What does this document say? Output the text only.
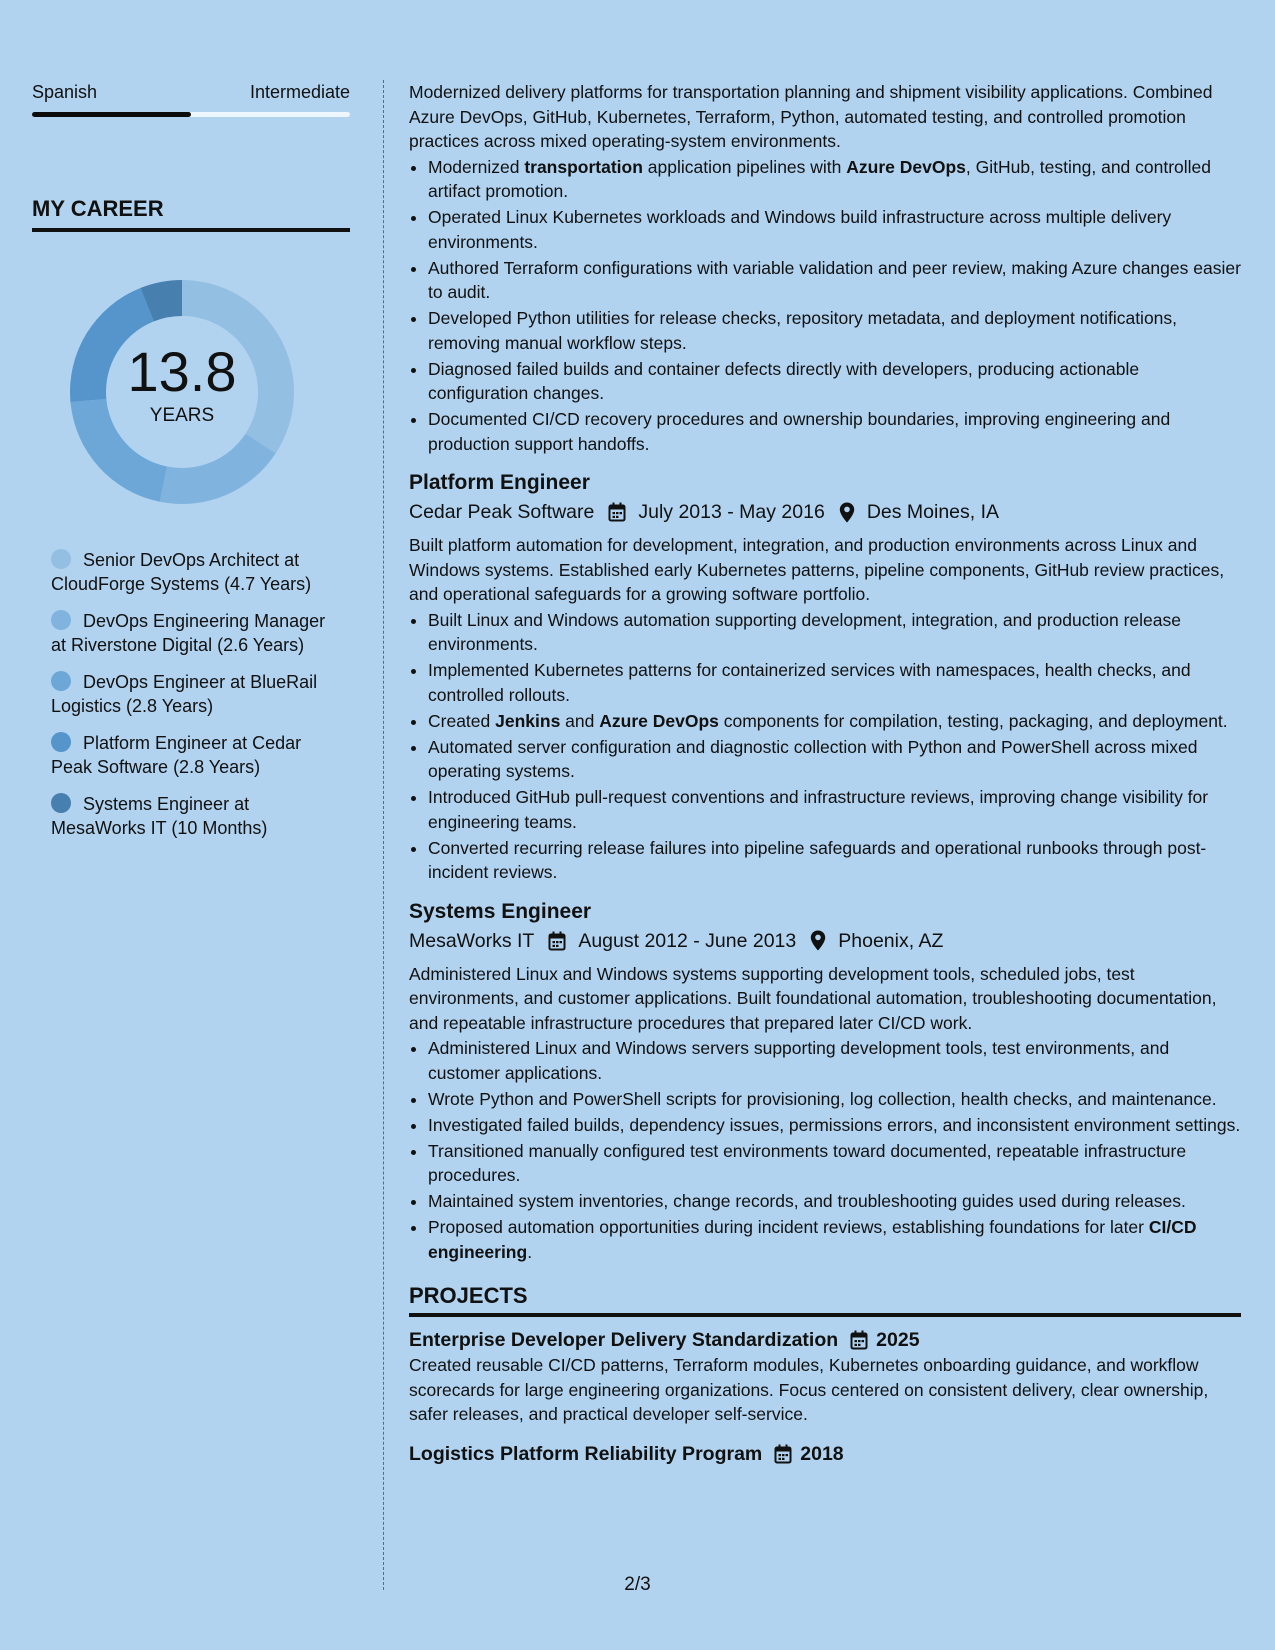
Spanish	Intermediate
MY CAREER
13.8
YEARS
Senior DevOps Architect at CloudForge Systems (4.7 Years)
DevOps Engineering Manager at Riverstone Digital (2.6 Years)
DevOps Engineer at BlueRail Logistics (2.8 Years)
Platform Engineer at Cedar Peak Software (2.8 Years)
Systems Engineer at MesaWorks IT (10 Months)

Modernized delivery platforms for transportation planning and shipment visibility applications. Combined Azure DevOps, GitHub, Kubernetes, Terraform, Python, automated testing, and controlled promotion practices across mixed operating-system environments.

• Modernized transportation application pipelines with Azure DevOps, GitHub, testing, and controlled artifact promotion.
• Operated Linux Kubernetes workloads and Windows build infrastructure across multiple delivery environments.
• Authored Terraform configurations with variable validation and peer review, making Azure changes easier to audit.
• Developed Python utilities for release checks, repository metadata, and deployment notifications, removing manual workflow steps.
• Diagnosed failed builds and container defects directly with developers, producing actionable configuration changes.
• Documented CI/CD recovery procedures and ownership boundaries, improving engineering and production support handoffs.
Platform Engineer
Cedar Peak Software July 2013 - May 2016 Des Moines, IA

Built platform automation for development, integration, and production environments across Linux and Windows systems. Established early Kubernetes patterns, pipeline components, GitHub review practices, and operational safeguards for a growing software portfolio.

• Built Linux and Windows automation supporting development, integration, and production release environments.
• Implemented Kubernetes patterns for containerized services with namespaces, health checks, and controlled rollouts.
• Created Jenkins and Azure DevOps components for compilation, testing, packaging, and deployment.
• Automated server configuration and diagnostic collection with Python and PowerShell across mixed operating systems.
• Introduced GitHub pull-request conventions and infrastructure reviews, improving change visibility for engineering teams.
• Converted recurring release failures into pipeline safeguards and operational runbooks through post-incident reviews.
Systems Engineer
MesaWorks IT August 2012 - June 2013 Phoenix, AZ

Administered Linux and Windows systems supporting development tools, scheduled jobs, test environments, and customer applications. Built foundational automation, troubleshooting documentation, and repeatable infrastructure procedures that prepared later CI/CD work.

• Administered Linux and Windows servers supporting development tools, test environments, and customer applications.
• Wrote Python and PowerShell scripts for provisioning, log collection, health checks, and maintenance.
• Investigated failed builds, dependency issues, permissions errors, and inconsistent environment settings.
• Transitioned manually configured test environments toward documented, repeatable infrastructure procedures.
• Maintained system inventories, change records, and troubleshooting guides used during releases.
• Proposed automation opportunities during incident reviews, establishing foundations for later CI/CD engineering.
PROJECTS
Enterprise Developer Delivery Standardization 2025

Created reusable CI/CD patterns, Terraform modules, Kubernetes onboarding guidance, and workflow scorecards for large engineering organizations. Focus centered on consistent delivery, clear ownership, safer releases, and practical developer self-service.

Logistics Platform Reliability Program 2018
2/3
